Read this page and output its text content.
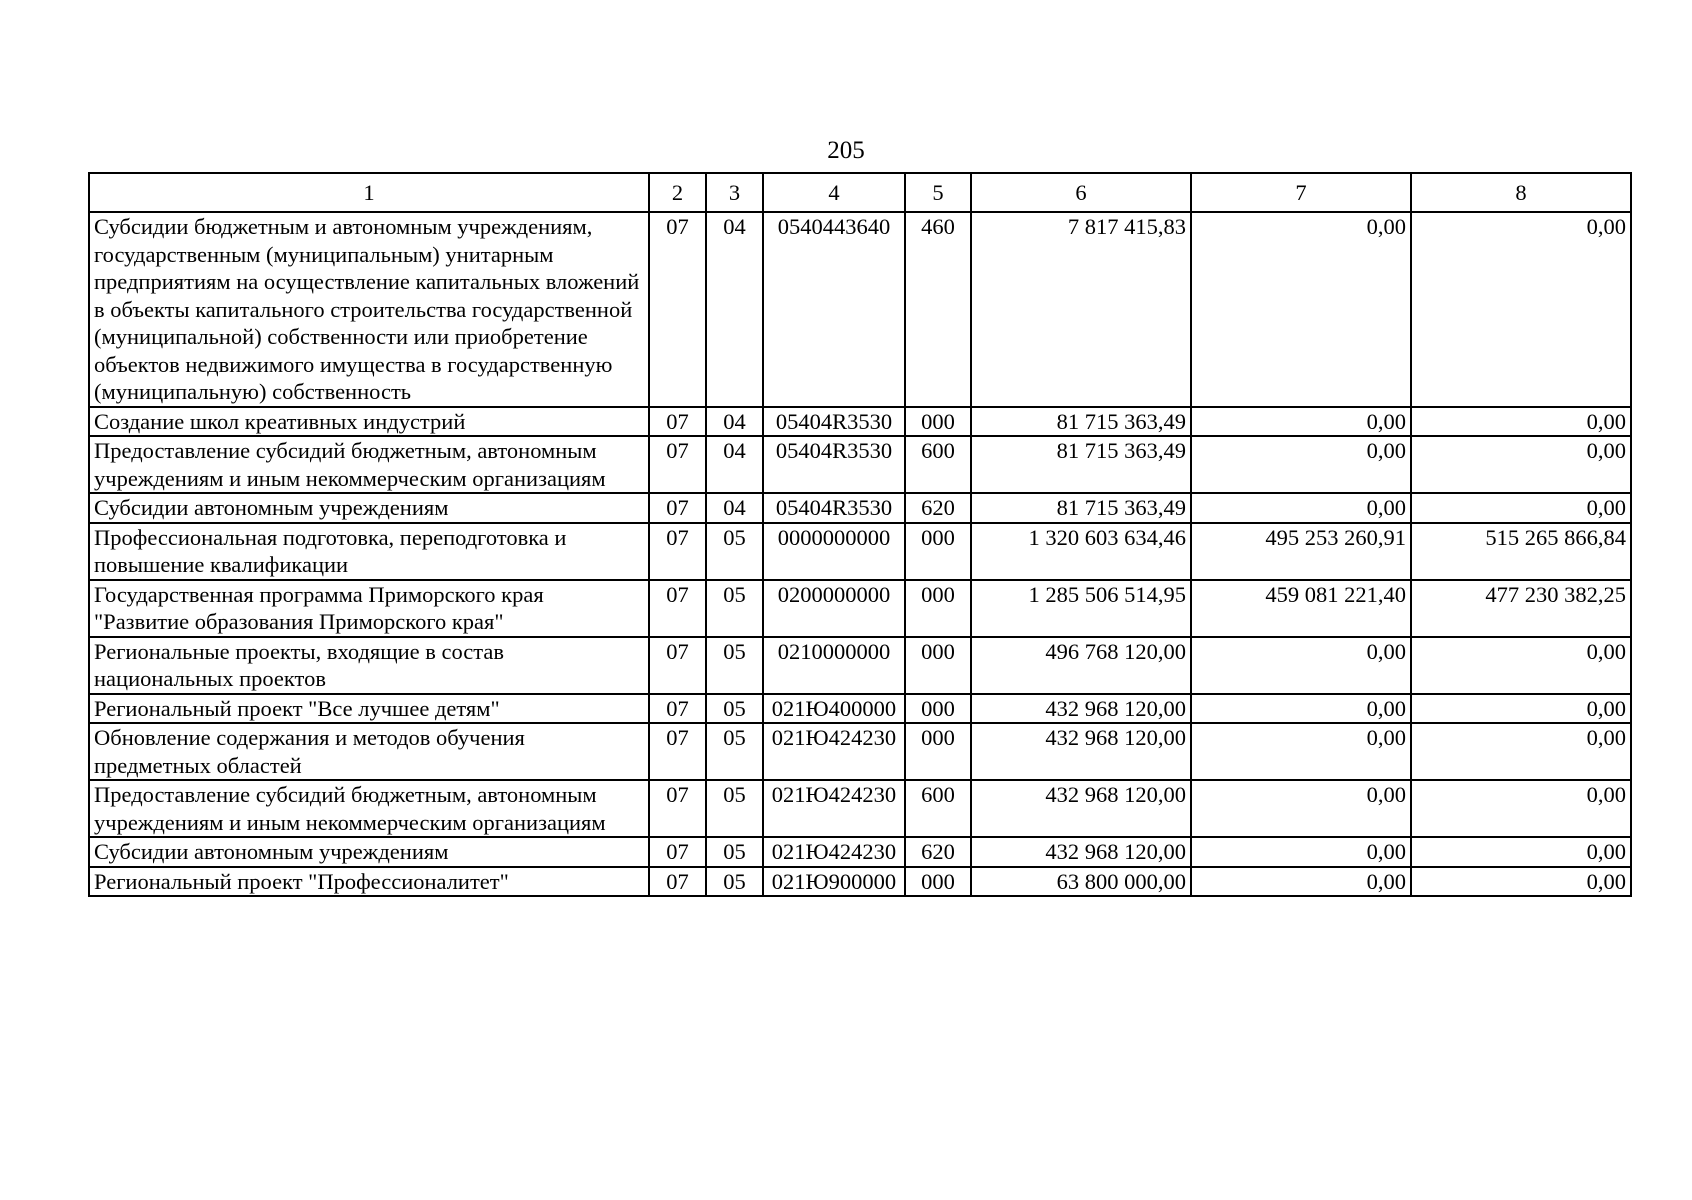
205
1	2	3	4	5	6	7	8
Субсидии бюджетным и автономным учреждениям, государственным (муниципальным) унитарным предприятиям на осуществление капитальных вложений в объекты капитального строительства государственной (муниципальной) собственности или приобретение объектов недвижимого имущества в государственную (муниципальную) собственность	07	04	0540443640	460	7 817 415,83	0,00	0,00
Создание школ креативных индустрий	07	04	05404R3530	000	81 715 363,49	0,00	0,00
Предоставление субсидий бюджетным, автономным учреждениям и иным некоммерческим организациям	07	04	05404R3530	600	81 715 363,49	0,00	0,00
Субсидии автономным учреждениям	07	04	05404R3530	620	81 715 363,49	0,00	0,00
Профессиональная подготовка, переподготовка и повышение квалификации	07	05	0000000000	000	1 320 603 634,46	495 253 260,91	515 265 866,84
Государственная программа Приморского края "Развитие образования Приморского края"	07	05	0200000000	000	1 285 506 514,95	459 081 221,40	477 230 382,25
Региональные проекты, входящие в состав национальных проектов	07	05	0210000000	000	496 768 120,00	0,00	0,00
Региональный проект "Все лучшее детям"	07	05	021Ю400000	000	432 968 120,00	0,00	0,00
Обновление содержания и методов обучения предметных областей	07	05	021Ю424230	000	432 968 120,00	0,00	0,00
Предоставление субсидий бюджетным, автономным учреждениям и иным некоммерческим организациям	07	05	021Ю424230	600	432 968 120,00	0,00	0,00
Субсидии автономным учреждениям	07	05	021Ю424230	620	432 968 120,00	0,00	0,00
Региональный проект "Профессионалитет"	07	05	021Ю900000	000	63 800 000,00	0,00	0,00
